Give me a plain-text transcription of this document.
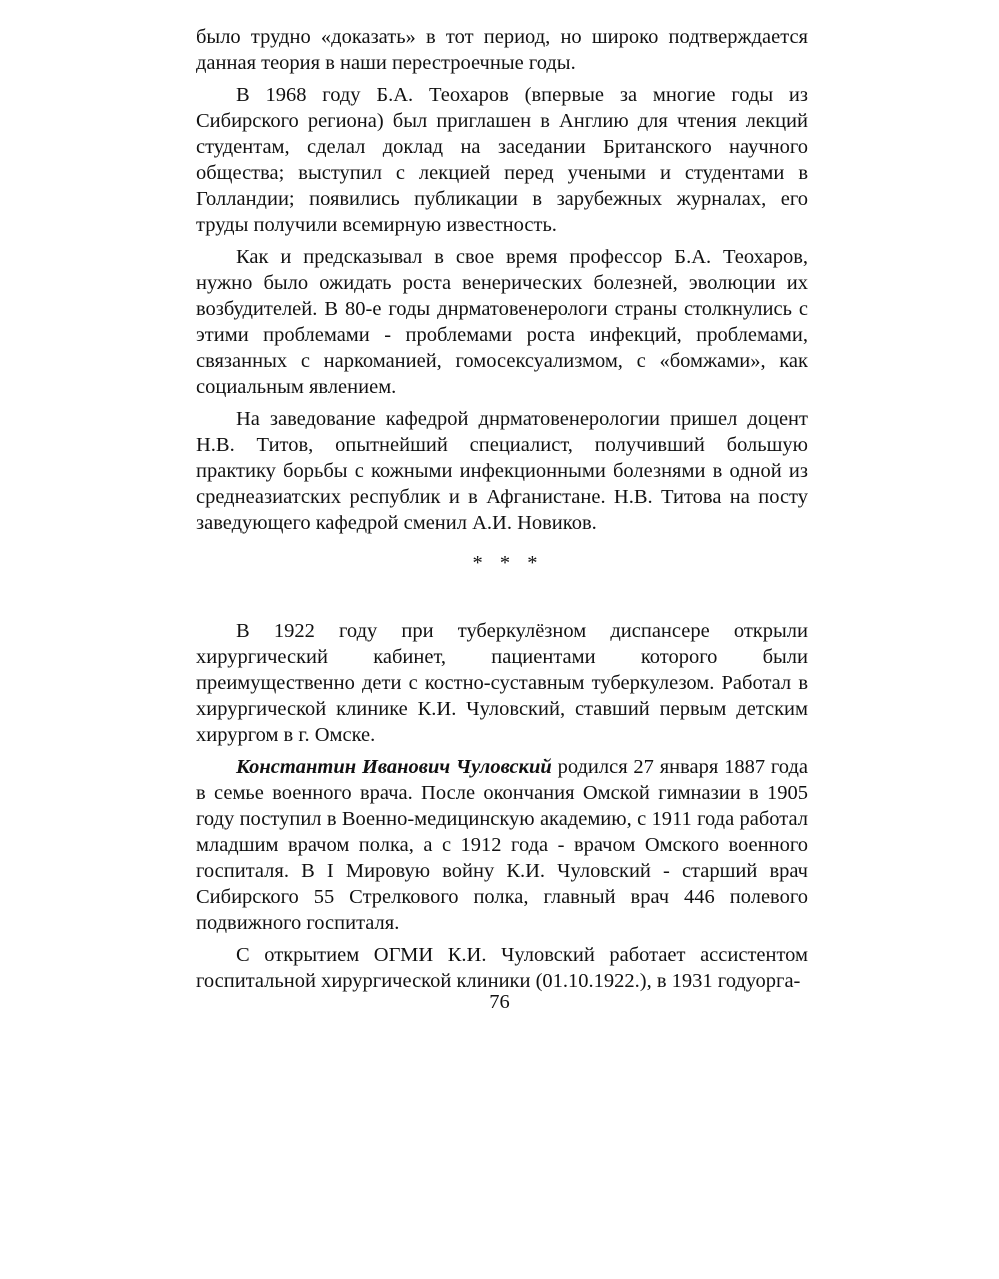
было трудно «доказать» в тот период, но широко подтверждается данная теория в наши перестроечные годы.

В 1968 году Б.А. Теохаров (впервые за многие годы из Сибирского региона) был приглашен в Англию для чтения лекций студентам, сделал доклад на заседании Британского научного общества; выступил с лекцией перед учеными и студентами в Голландии; появились публикации в зарубежных журналах, его труды получили всемирную известность.

Как и предсказывал в свое время профессор Б.А. Теохаров, нужно было ожидать роста венерических болезней, эволюции их возбудителей. В 80-е годы днрматовенерологи страны столкнулись с этими проблемами - проблемами роста инфекций, проблемами, связанных с наркоманией, гомосексуализмом, с «бомжами», как социальным явлением.

На заведование кафедрой днрматовенерологии пришел доцент Н.В. Титов, опытнейший специалист, получивший большую практику борьбы с кожными инфекционными болезнями в одной из среднеазиатских республик и в Афганистане. Н.В. Титова на посту заведующего кафедрой сменил А.И. Новиков.

* * *

В 1922 году при туберкулёзном диспансере открыли хирургический кабинет, пациентами которого были преимущественно дети с костно-суставным туберкулезом. Работал в хирургической клинике К.И. Чуловский, ставший первым детским хирургом в г. Омске.

Константин Иванович Чуловский родился 27 января 1887 года в семье военного врача. После окончания Омской гимназии в 1905 году поступил в Военно-медицинскую академию, с 1911 года работал младшим врачом полка, а с 1912 года - врачом Омского военного госпиталя. В I Мировую войну К.И. Чуловский - старший врач Сибирского 55 Стрелкового полка, главный врач 446 полевого подвижного госпиталя.

С открытием ОГМИ К.И. Чуловский работает ассистентом госпитальной хирургической клиники (01.10.1922.), в 1931 годуорга-

76
